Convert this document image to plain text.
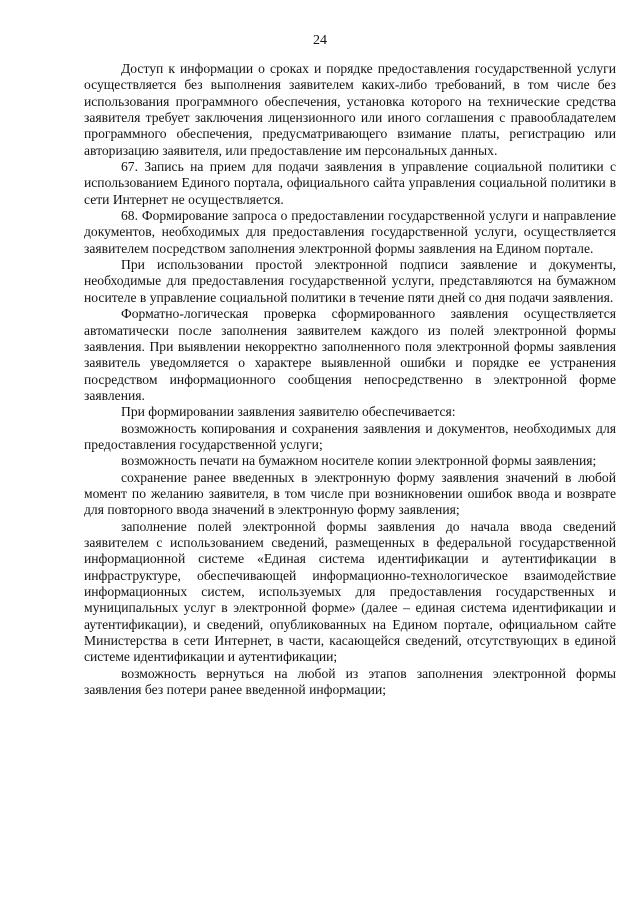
24

Доступ к информации о сроках и порядке предоставления государственной услуги осуществляется без выполнения заявителем каких-либо требований, в том числе без использования программного обеспечения, установка которого на технические средства заявителя требует заключения лицензионного или иного соглашения с правообладателем программного обеспечения, предусматривающего взимание платы, регистрацию или авторизацию заявителя, или предоставление им персональных данных.

67. Запись на прием для подачи заявления в управление социальной политики с использованием Единого портала, официального сайта управления социальной политики в сети Интернет не осуществляется.

68. Формирование запроса о предоставлении государственной услуги и направление документов, необходимых для предоставления государственной услуги, осуществляется заявителем посредством заполнения электронной формы заявления на Едином портале.

При использовании простой электронной подписи заявление и документы, необходимые для предоставления государственной услуги, представляются на бумажном носителе в управление социальной политики в течение пяти дней со дня подачи заявления.

Форматно-логическая проверка сформированного заявления осуществляется автоматически после заполнения заявителем каждого из полей электронной формы заявления. При выявлении некорректно заполненного поля электронной формы заявления заявитель уведомляется о характере выявленной ошибки и порядке ее устранения посредством информационного сообщения непосредственно в электронной форме заявления.

При формировании заявления заявителю обеспечивается:

возможность копирования и сохранения заявления и документов, необходимых для предоставления государственной услуги;

возможность печати на бумажном носителе копии электронной формы заявления;

сохранение ранее введенных в электронную форму заявления значений в любой момент по желанию заявителя, в том числе при возникновении ошибок ввода и возврате для повторного ввода значений в электронную форму заявления;

заполнение полей электронной формы заявления до начала ввода сведений заявителем с использованием сведений, размещенных в федеральной государственной информационной системе «Единая система идентификации и аутентификации в инфраструктуре, обеспечивающей информационно-технологическое взаимодействие информационных систем, используемых для предоставления государственных и муниципальных услуг в электронной форме» (далее – единая система идентификации и аутентификации), и сведений, опубликованных на Едином портале, официальном сайте Министерства в сети Интернет, в части, касающейся сведений, отсутствующих в единой системе идентификации и аутентификации;

возможность вернуться на любой из этапов заполнения электронной формы заявления без потери ранее введенной информации;
